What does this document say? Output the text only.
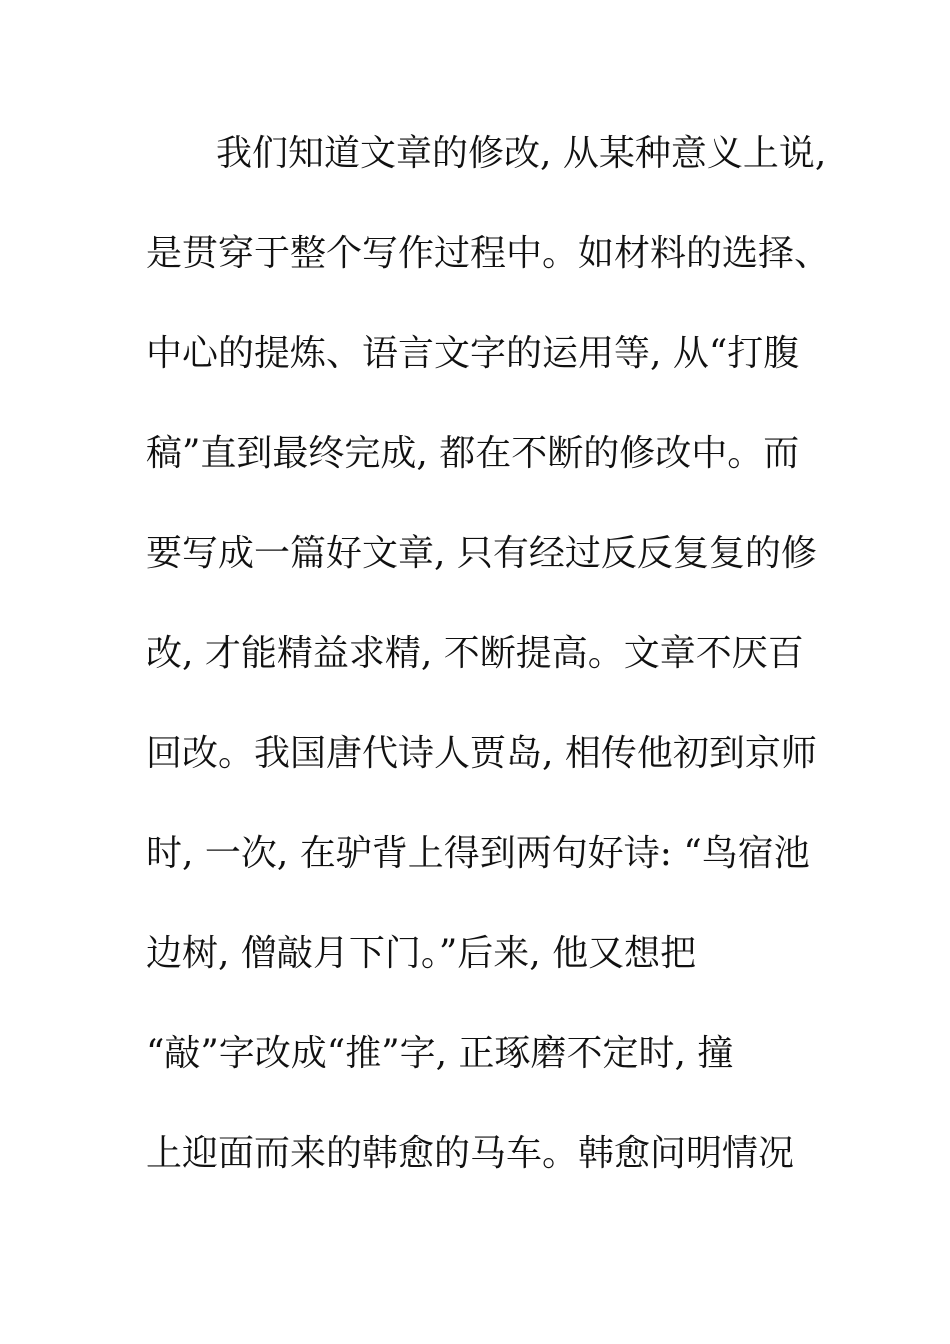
我们知道文章的修改, 从某种意义上说,
是贯穿于整个写作过程中。如材料的选择、
中心的提炼、语言文字的运用等, 从“打腹
稿”直到最终完成, 都在不断的修改中。而
要写成一篇好文章, 只有经过反反复复的修
改, 才能精益求精, 不断提高。文章不厌百
回改。我国唐代诗人贾岛, 相传他初到京师
时, 一次, 在驴背上得到两句好诗: “鸟宿池
边树, 僧敲月下门。”后来, 他又想把
“敲”字改成“推”字, 正琢磨不定时, 撞
上迎面而来的韩愈的马车。韩愈问明情况
